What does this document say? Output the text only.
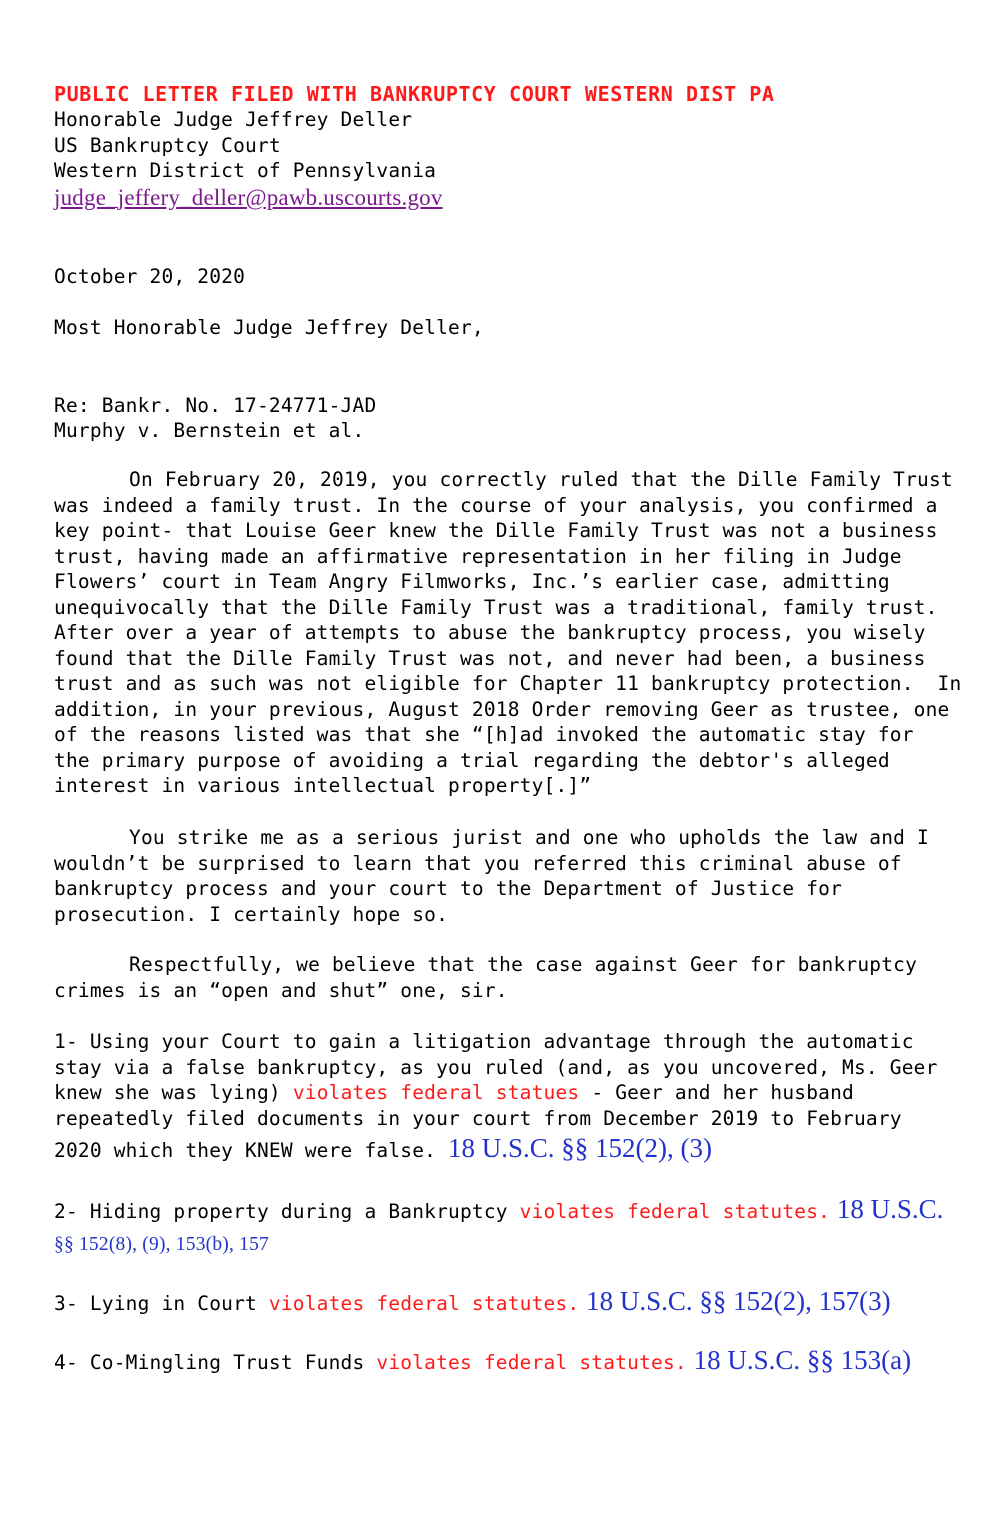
PUBLIC LETTER FILED WITH BANKRUPTCY COURT WESTERN DIST PA
Honorable Judge Jeffrey Deller
US Bankruptcy Court
Western District of Pennsylvania
judge_jeffery_deller@pawb.uscourts.gov
October 20, 2020
Most Honorable Judge Jeffrey Deller,
Re: Bankr. No. 17-24771-JAD
Murphy v. Bernstein et al.
On February 20, 2019, you correctly ruled that the Dille Family Trust
was indeed a family trust. In the course of your analysis, you confirmed a
key point- that Louise Geer knew the Dille Family Trust was not a business
trust, having made an affirmative representation in her filing in Judge
Flowers’ court in Team Angry Filmworks, Inc.’s earlier case, admitting
unequivocally that the Dille Family Trust was a traditional, family trust.
After over a year of attempts to abuse the bankruptcy process, you wisely
found that the Dille Family Trust was not, and never had been, a business
trust and as such was not eligible for Chapter 11 bankruptcy protection.  In
addition, in your previous, August 2018 Order removing Geer as trustee, one
of the reasons listed was that she “[h]ad invoked the automatic stay for
the primary purpose of avoiding a trial regarding the debtor's alleged
interest in various intellectual property[.]”
You strike me as a serious jurist and one who upholds the law and I
wouldn’t be surprised to learn that you referred this criminal abuse of
bankruptcy process and your court to the Department of Justice for
prosecution. I certainly hope so.
Respectfully, we believe that the case against Geer for bankruptcy
crimes is an “open and shut” one, sir.
1- Using your Court to gain a litigation advantage through the automatic
stay via a false bankruptcy, as you ruled (and, as you uncovered, Ms. Geer
knew she was lying) violates federal statues - Geer and her husband
repeatedly filed documents in your court from December 2019 to February
2020 which they KNEW were false. 18 U.S.C. §§ 152(2), (3)
2- Hiding property during a Bankruptcy violates federal statutes. 18 U.S.C.
§§ 152(8), (9), 153(b), 157
3- Lying in Court violates federal statutes. 18 U.S.C. §§ 152(2), 157(3)
4- Co-Mingling Trust Funds violates federal statutes. 18 U.S.C. §§ 153(a)
